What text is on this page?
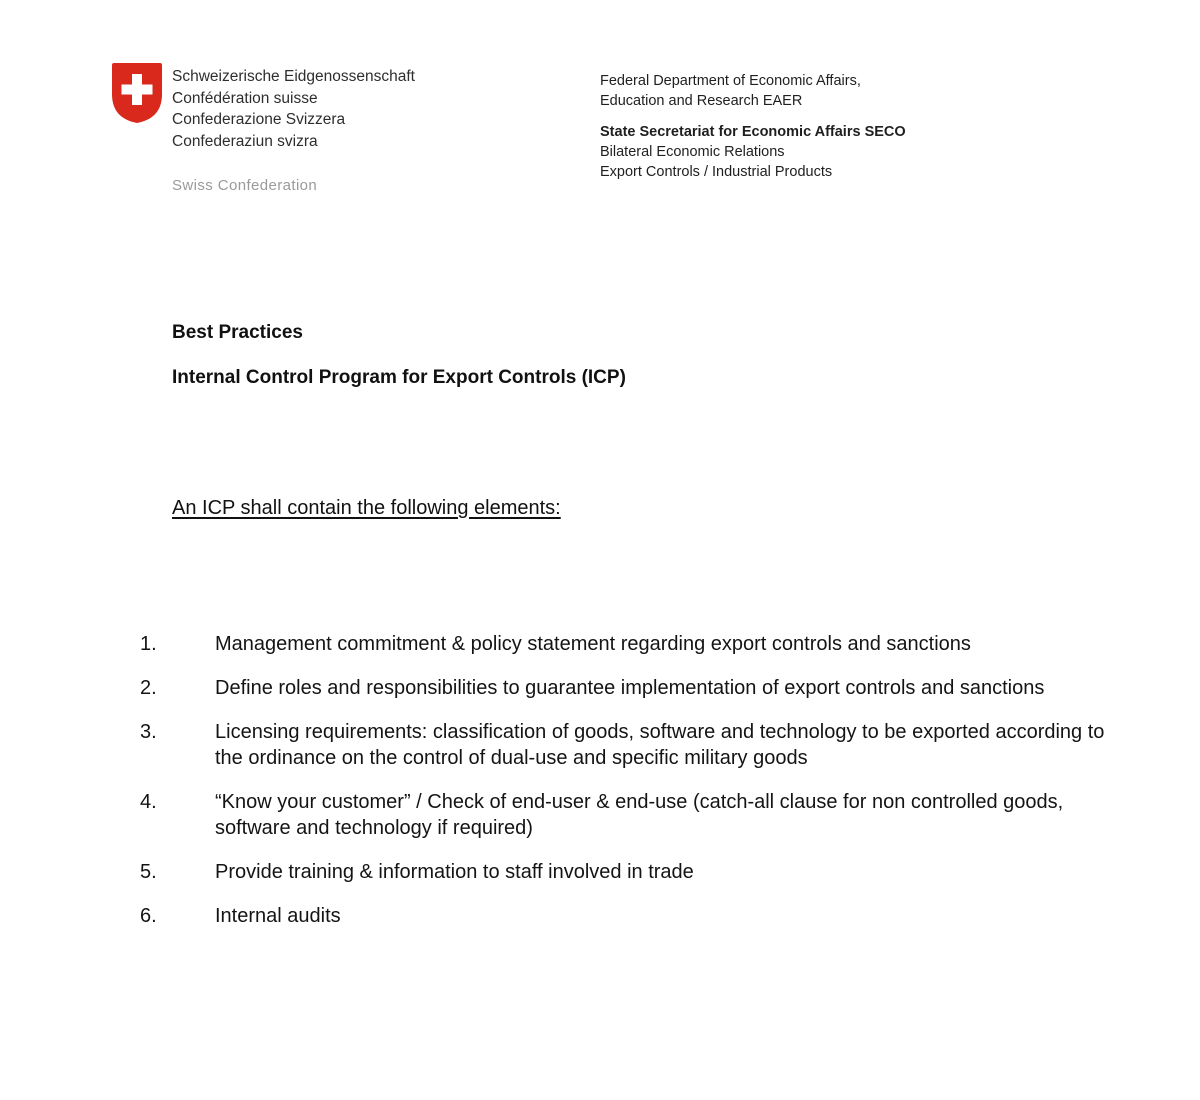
Schweizerische Eidgenossenschaft
Confédération suisse
Confederazione Svizzera
Confederaziun svizra
Swiss Confederation
Federal Department of Economic Affairs,
Education and Research EAER
State Secretariat for Economic Affairs SECO
Bilateral Economic Relations
Export Controls / Industrial Products
Best Practices
Internal Control Program for Export Controls (ICP)
An ICP shall contain the following elements:
1.	Management commitment & policy statement regarding export controls and sanctions
2.	Define roles and responsibilities to guarantee implementation of export controls and sanctions
3.	Licensing requirements: classification of goods, software and technology to be exported according to the ordinance on the control of dual-use and specific military goods
4.	“Know your customer” / Check of end-user & end-use (catch-all clause for non controlled goods, software and technology if required)
5.	Provide training & information to staff involved in trade
6.	Internal audits
